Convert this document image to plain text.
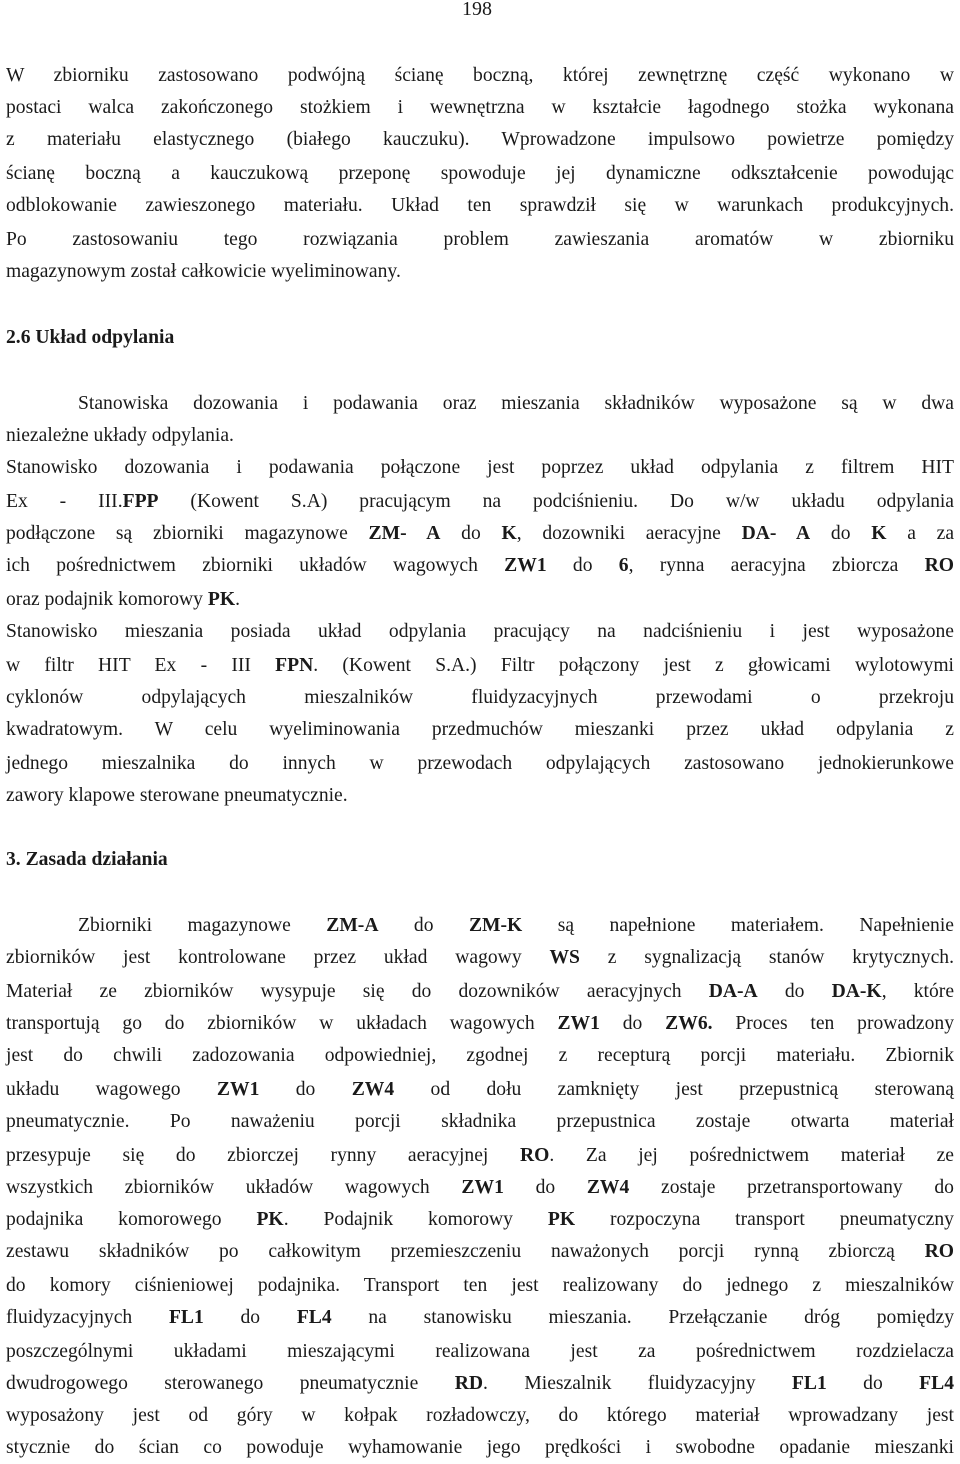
198
W zbiorniku zastosowano podwójną ścianę boczną, której zewnętrznę część wykonano w
postaci walca zakończonego stożkiem i wewnętrzna w kształcie łagodnego stożka wykonana
z materiału elastycznego (białego kauczuku). Wprowadzone impulsowo powietrze pomiędzy
ścianę boczną a kauczukową przeponę spowoduje jej dynamiczne odkształcenie powodując
odblokowanie zawieszonego materiału. Układ ten sprawdził się w warunkach produkcyjnych.
Po zastosowaniu tego rozwiązania problem zawieszania aromatów w zbiorniku
magazynowym został całkowicie wyeliminowany.
2.6 Układ odpylania
Stanowiska dozowania i podawania oraz mieszania składników wyposażone są w dwa
niezależne układy odpylania.
Stanowisko dozowania i podawania połączone jest poprzez układ odpylania z filtrem HIT
Ex - III.FPP (Kowent S.A) pracującym na podciśnieniu. Do w/w układu odpylania
podłączone są zbiorniki magazynowe ZM- A do K, dozowniki aeracyjne DA- A do K a za
ich pośrednictwem zbiorniki układów wagowych ZW1 do 6, rynna aeracyjna zbiorcza RO
oraz podajnik komorowy PK.
Stanowisko mieszania posiada układ odpylania pracujący na nadciśnieniu i jest wyposażone
w filtr HIT Ex - III FPN. (Kowent S.A.) Filtr połączony jest z głowicami wylotowymi
cyklonów odpylających mieszalników fluidyzacyjnych przewodami o przekroju
kwadratowym. W celu wyeliminowania przedmuchów mieszanki przez układ odpylania z
jednego mieszalnika do innych w przewodach odpylających zastosowano jednokierunkowe
zawory klapowe sterowane pneumatycznie.
3. Zasada działania
Zbiorniki magazynowe ZM-A do ZM-K są napełnione materiałem. Napełnienie
zbiorników jest kontrolowane przez układ wagowy WS z sygnalizacją stanów krytycznych.
Materiał ze zbiorników wysypuje się do dozowników aeracyjnych DA-A do DA-K, które
transportują go do zbiorników w układach wagowych ZW1 do ZW6. Proces ten prowadzony
jest do chwili zadozowania odpowiedniej, zgodnej z recepturą porcji materiału. Zbiornik
układu wagowego ZW1 do ZW4 od dołu zamknięty jest przepustnicą sterowaną
pneumatycznie. Po naważeniu porcji składnika przepustnica zostaje otwarta materiał
przesypuje się do zbiorczej rynny aeracyjnej RO. Za jej pośrednictwem materiał ze
wszystkich zbiorników układów wagowych ZW1 do ZW4 zostaje przetransportowany do
podajnika komorowego PK. Podajnik komorowy PK rozpoczyna transport pneumatyczny
zestawu składników po całkowitym przemieszczeniu naważonych porcji rynną zbiorczą RO
do komory ciśnieniowej podajnika. Transport ten jest realizowany do jednego z mieszalników
fluidyzacyjnych FL1 do FL4 na stanowisku mieszania. Przełączanie dróg pomiędzy
poszczególnymi układami mieszającymi realizowana jest za pośrednictwem rozdzielacza
dwudrogowego sterowanego pneumatycznie RD. Mieszalnik fluidyzacyjny FL1 do FL4
wyposażony jest od góry w kołpak rozładowczy, do którego materiał wprowadzany jest
stycznie do ścian co powoduje wyhamowanie jego prędkości i swobodne opadanie mieszanki
